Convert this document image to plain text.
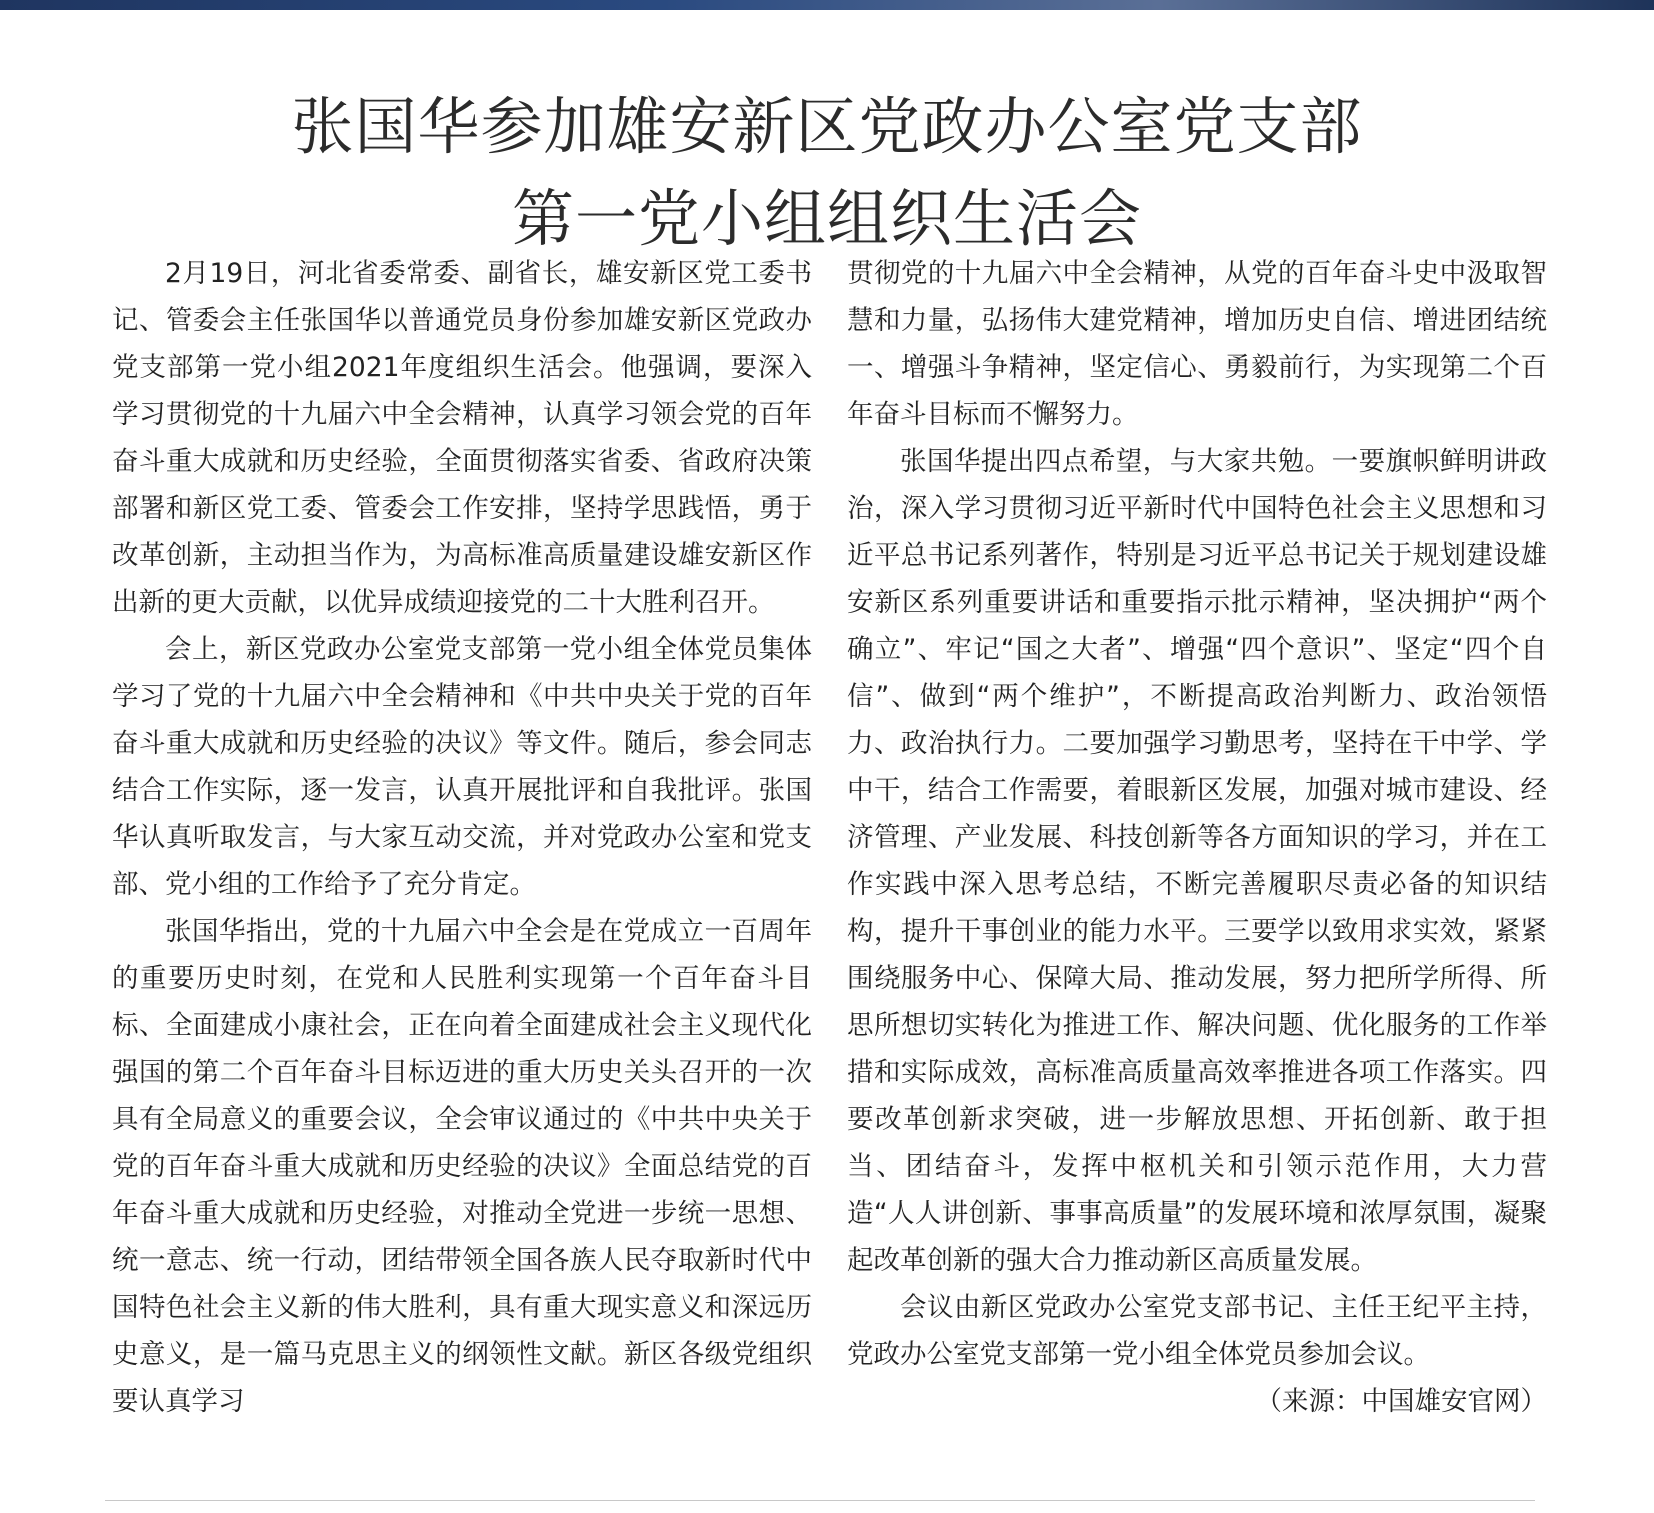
张国华参加雄安新区党政办公室党支部
第一党小组组织生活会

2月19日，河北省委常委、副省长，雄安新区党工委书记、管委会主任张国华以普通党员身份参加雄安新区党政办党支部第一党小组2021年度组织生活会。他强调，要深入学习贯彻党的十九届六中全会精神，认真学习领会党的百年奋斗重大成就和历史经验，全面贯彻落实省委、省政府决策部署和新区党工委、管委会工作安排，坚持学思践悟，勇于改革创新，主动担当作为，为高标准高质量建设雄安新区作出新的更大贡献，以优异成绩迎接党的二十大胜利召开。

会上，新区党政办公室党支部第一党小组全体党员集体学习了党的十九届六中全会精神和《中共中央关于党的百年奋斗重大成就和历史经验的决议》等文件。随后，参会同志结合工作实际，逐一发言，认真开展批评和自我批评。张国华认真听取发言，与大家互动交流，并对党政办公室和党支部、党小组的工作给予了充分肯定。

张国华指出，党的十九届六中全会是在党成立一百周年的重要历史时刻，在党和人民胜利实现第一个百年奋斗目标、全面建成小康社会，正在向着全面建成社会主义现代化强国的第二个百年奋斗目标迈进的重大历史关头召开的一次具有全局意义的重要会议，全会审议通过的《中共中央关于党的百年奋斗重大成就和历史经验的决议》全面总结党的百年奋斗重大成就和历史经验，对推动全党进一步统一思想、统一意志、统一行动，团结带领全国各族人民夺取新时代中国特色社会主义新的伟大胜利，具有重大现实意义和深远历史意义，是一篇马克思主义的纲领性文献。新区各级党组织要认真学习

贯彻党的十九届六中全会精神，从党的百年奋斗史中汲取智慧和力量，弘扬伟大建党精神，增加历史自信、增进团结统一、增强斗争精神，坚定信心、勇毅前行，为实现第二个百年奋斗目标而不懈努力。

张国华提出四点希望，与大家共勉。一要旗帜鲜明讲政治，深入学习贯彻习近平新时代中国特色社会主义思想和习近平总书记系列著作，特别是习近平总书记关于规划建设雄安新区系列重要讲话和重要指示批示精神，坚决拥护“两个确立”、牢记“国之大者”、增强“四个意识”、坚定“四个自信”、做到“两个维护”，不断提高政治判断力、政治领悟力、政治执行力。二要加强学习勤思考，坚持在干中学、学中干，结合工作需要，着眼新区发展，加强对城市建设、经济管理、产业发展、科技创新等各方面知识的学习，并在工作实践中深入思考总结，不断完善履职尽责必备的知识结构，提升干事创业的能力水平。三要学以致用求实效，紧紧围绕服务中心、保障大局、推动发展，努力把所学所得、所思所想切实转化为推进工作、解决问题、优化服务的工作举措和实际成效，高标准高质量高效率推进各项工作落实。四要改革创新求突破，进一步解放思想、开拓创新、敢于担当、团结奋斗，发挥中枢机关和引领示范作用，大力营造“人人讲创新、事事高质量”的发展环境和浓厚氛围，凝聚起改革创新的强大合力推动新区高质量发展。

会议由新区党政办公室党支部书记、主任王纪平主持，党政办公室党支部第一党小组全体党员参加会议。

（来源：中国雄安官网）
